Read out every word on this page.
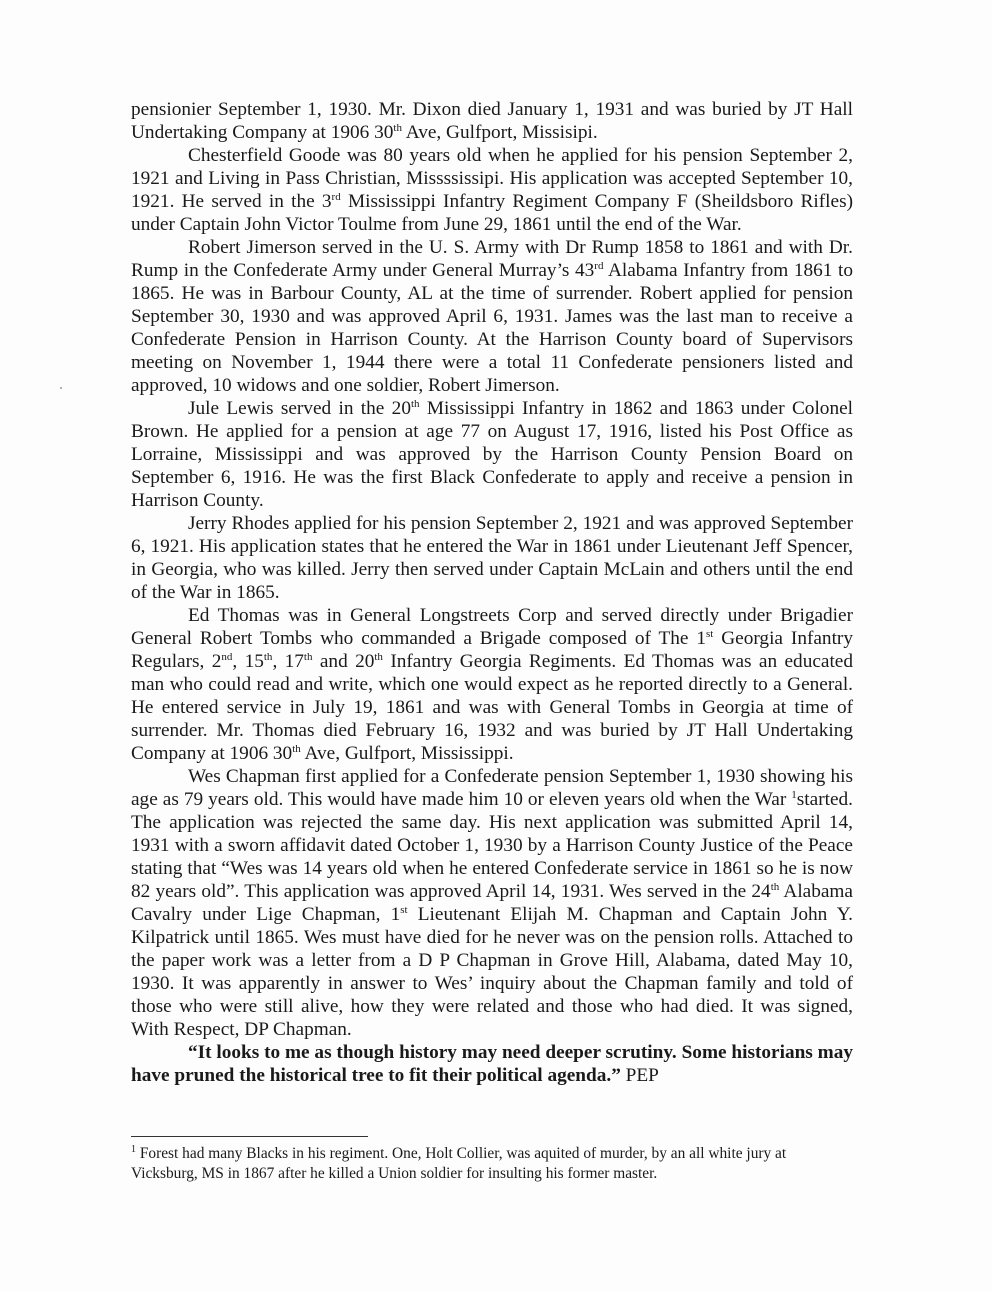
pensionier September 1, 1930. Mr. Dixon died January 1, 1931 and was buried by JT Hall Undertaking Company at 1906 30th Ave, Gulfport, Missisipi.

Chesterfield Goode was 80 years old when he applied for his pension September 2, 1921 and Living in Pass Christian, Missssissipi. His application was accepted September 10, 1921. He served in the 3rd Mississippi Infantry Regiment Company F (Sheildsboro Rifles) under Captain John Victor Toulme from June 29, 1861 until the end of the War.

Robert Jimerson served in the U. S. Army with Dr Rump 1858 to 1861 and with Dr. Rump in the Confederate Army under General Murray’s 43rd Alabama Infantry from 1861 to 1865. He was in Barbour County, AL at the time of surrender. Robert applied for pension September 30, 1930 and was approved April 6, 1931. James was the last man to receive a Confederate Pension in Harrison County. At the Harrison County board of Supervisors meeting on November 1, 1944 there were a total 11 Confederate pensioners listed and approved, 10 widows and one soldier, Robert Jimerson.

Jule Lewis served in the 20th Mississippi Infantry in 1862 and 1863 under Colonel Brown. He applied for a pension at age 77 on August 17, 1916, listed his Post Office as Lorraine, Mississippi and was approved by the Harrison County Pension Board on September 6, 1916. He was the first Black Confederate to apply and receive a pension in Harrison County.

Jerry Rhodes applied for his pension September 2, 1921 and was approved September 6, 1921. His application states that he entered the War in 1861 under Lieutenant Jeff Spencer, in Georgia, who was killed. Jerry then served under Captain McLain and others until the end of the War in 1865.

Ed Thomas was in General Longstreets Corp and served directly under Brigadier General Robert Tombs who commanded a Brigade composed of The 1st Georgia Infantry Regulars, 2nd, 15th, 17th and 20th Infantry Georgia Regiments. Ed Thomas was an educated man who could read and write, which one would expect as he reported directly to a General. He entered service in July 19, 1861 and was with General Tombs in Georgia at time of surrender. Mr. Thomas died February 16, 1932 and was buried by JT Hall Undertaking Company at 1906 30th Ave, Gulfport, Mississippi.

Wes Chapman first applied for a Confederate pension September 1, 1930 showing his age as 79 years old. This would have made him 10 or eleven years old when the War $^1$started. The application was rejected the same day. His next application was submitted April 14, 1931 with a sworn affidavit dated October 1, 1930 by a Harrison County Justice of the Peace stating that “Wes was 14 years old when he entered Confederate service in 1861 so he is now 82 years old”. This application was approved April 14, 1931. Wes served in the 24th Alabama Cavalry under Lige Chapman, 1st Lieutenant Elijah M. Chapman and Captain John Y. Kilpatrick until 1865. Wes must have died for he never was on the pension rolls. Attached to the paper work was a letter from a D P Chapman in Grove Hill, Alabama, dated May 10, 1930. It was apparently in answer to Wes’ inquiry about the Chapman family and told of those who were still alive, how they were related and those who had died. It was signed, With Respect, DP Chapman.

“It looks to me as though history may need deeper scrutiny. Some historians may have pruned the historical tree to fit their political agenda.” PEP

$^1$ Forest had many Blacks in his regiment. One, Holt Collier, was aquited of murder, by an all white jury at Vicksburg, MS in 1867 after he killed a Union soldier for insulting his former master.
